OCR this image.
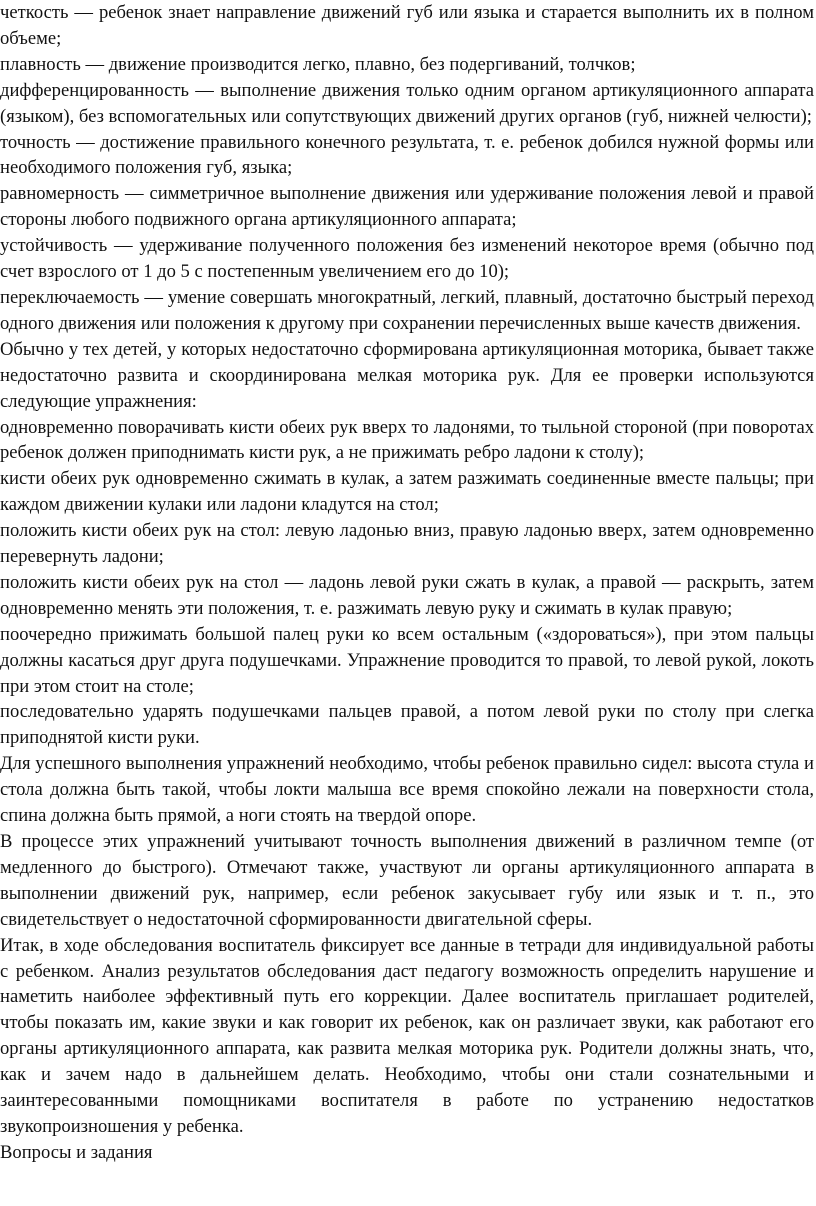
четкость — ребенок знает направление движений губ или языка и старается выполнить их в полном объеме;

плавность — движение производится легко, плавно, без подергиваний, толчков;

дифференцированность — выполнение движения только одним органом артикуляционного аппарата (языком), без вспомогательных или сопутствующих движений других органов (губ, нижней челюсти);

точность — достижение правильного конечного результата, т. е. ребенок добился нужной формы или необходимого положения губ, языка;

равномерность — симметричное выполнение движения или удерживание положения левой и правой стороны любого подвижного органа артикуляционного аппарата;

устойчивость — удерживание полученного положения без изменений некоторое время (обычно под счет взрослого от 1 до 5 с постепенным увеличением его до 10);

переключаемость — умение совершать многократный, легкий, плавный, достаточно быстрый переход одного движения или положения к другому при сохранении перечисленных выше качеств движения.

Обычно у тех детей, у которых недостаточно сформирована артикуляционная моторика, бывает также недостаточно развита и скоординирована мелкая моторика рук. Для ее проверки используются следующие упражнения:

одновременно поворачивать кисти обеих рук вверх то ладонями, то тыльной стороной (при поворотах ребенок должен приподнимать кисти рук, а не прижимать ребро ладони к столу);

кисти обеих рук одновременно сжимать в кулак, а затем разжимать соединенные вместе пальцы; при каждом движении кулаки или ладони кладутся на стол;

положить кисти обеих рук на стол: левую ладонью вниз, правую ладонью вверх, затем одновременно перевернуть ладони;

положить кисти обеих рук на стол — ладонь левой руки сжать в кулак, а правой — раскрыть, затем одновременно менять эти положения, т. е. разжимать левую руку и сжимать в кулак правую;

поочередно прижимать большой палец руки ко всем остальным («здороваться»), при этом пальцы должны касаться друг друга подушечками. Упражнение проводится то правой, то левой рукой, локоть при этом стоит на столе;

последовательно ударять подушечками пальцев правой, а потом левой руки по столу при слегка приподнятой кисти руки.

Для успешного выполнения упражнений необходимо, чтобы ребенок правильно сидел: высота стула и стола должна быть такой, чтобы локти малыша все время спокойно лежали на поверхности стола, спина должна быть прямой, а ноги стоять на твердой опоре.

В процессе этих упражнений учитывают точность выполнения движений в различном темпе (от медленного до быстрого). Отмечают также, участвуют ли органы артикуляционного аппарата в выполнении движений рук, например, если ребенок закусывает губу или язык и т. п., это свидетельствует о недостаточной сформированности двигательной сферы.

Итак, в ходе обследования воспитатель фиксирует все данные в тетради для индивидуальной работы с ребенком. Анализ результатов обследования даст педагогу возможность определить нарушение и наметить наиболее эффективный путь его коррекции. Далее воспитатель приглашает родителей, чтобы показать им, какие звуки и как говорит их ребенок, как он различает звуки, как работают его органы артикуляционного аппарата, как развита мелкая моторика рук. Родители должны знать, что, как и зачем надо в дальнейшем делать. Необходимо, чтобы они стали сознательными и заинтересованными помощниками воспитателя в работе по устранению недостатков звукопроизношения у ребенка.

Вопросы и задания
